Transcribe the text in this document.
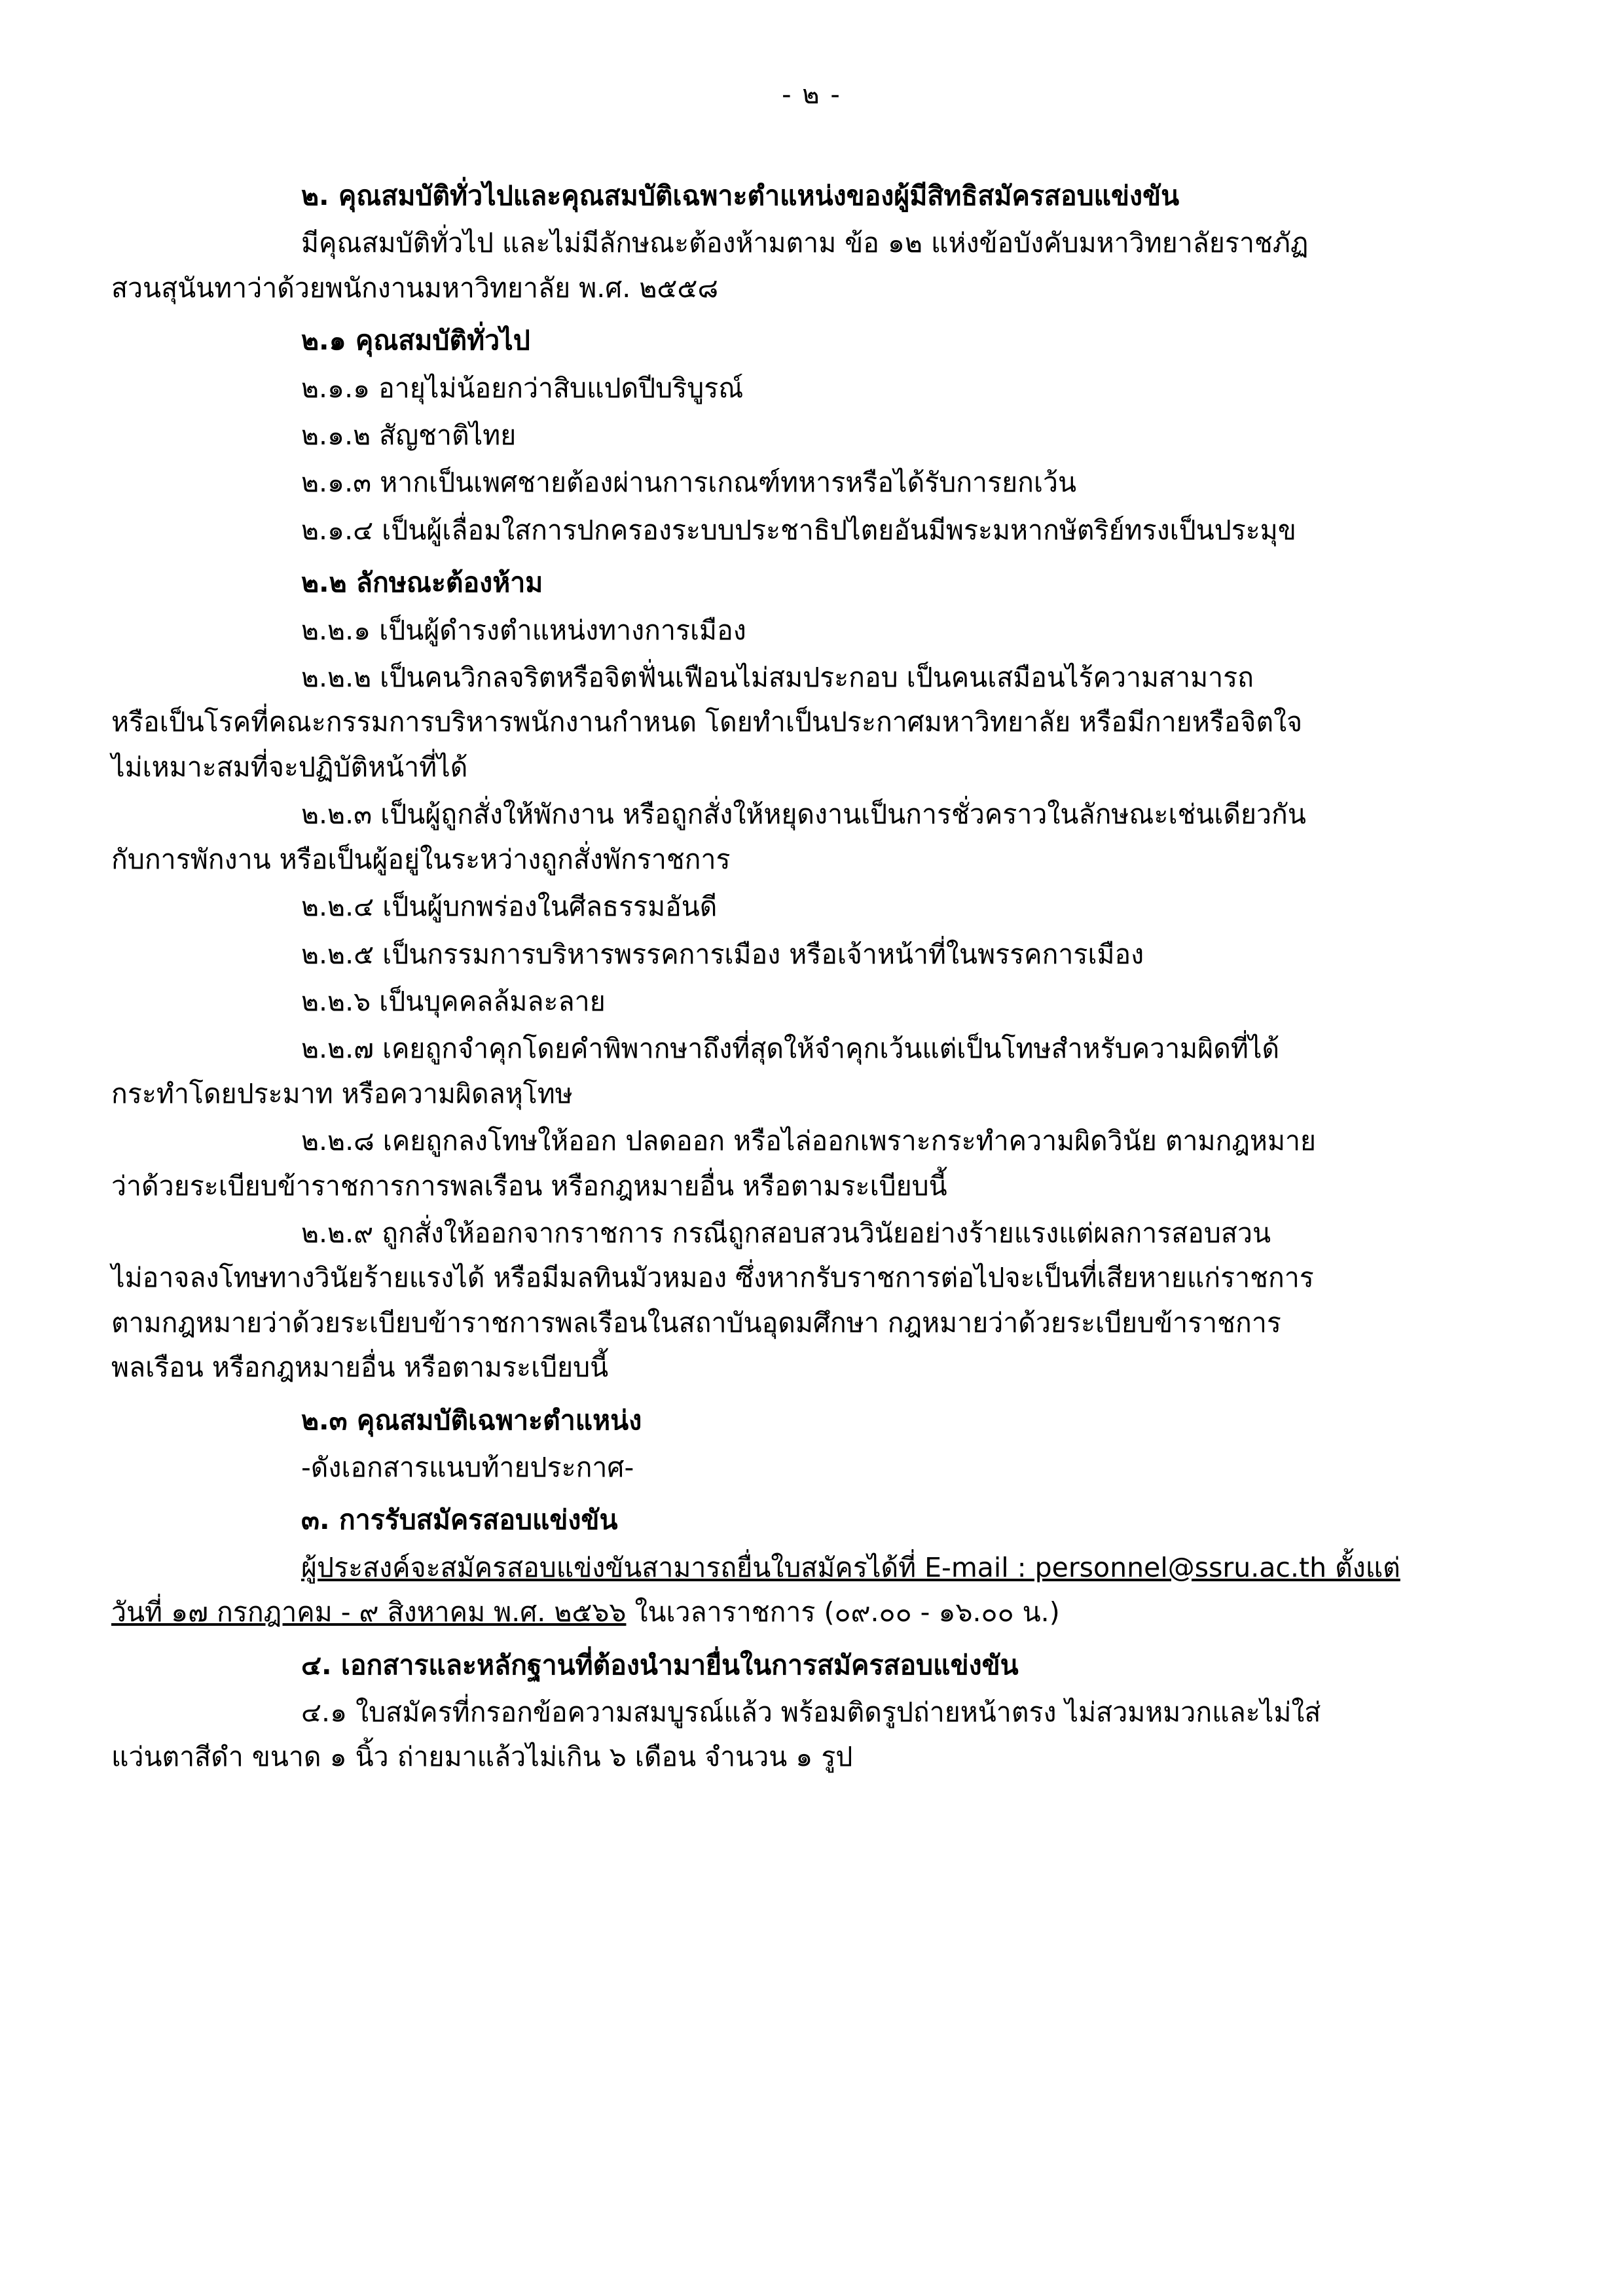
- ๒ -

๒. คุณสมบัติทั่วไปและคุณสมบัติเฉพาะตำแหน่งของผู้มีสิทธิสมัครสอบแข่งขัน

มีคุณสมบัติทั่วไป และไม่มีลักษณะต้องห้ามตาม ข้อ ๑๒ แห่งข้อบังคับมหาวิทยาลัยราชภัฏ

สวนสุนันทาว่าด้วยพนักงานมหาวิทยาลัย พ.ศ. ๒๕๕๘

๒.๑ คุณสมบัติทั่วไป

๒.๑.๑ อายุไม่น้อยกว่าสิบแปดปีบริบูรณ์

๒.๑.๒ สัญชาติไทย

๒.๑.๓ หากเป็นเพศชายต้องผ่านการเกณฑ์ทหารหรือได้รับการยกเว้น

๒.๑.๔ เป็นผู้เลื่อมใสการปกครองระบบประชาธิปไตยอันมีพระมหากษัตริย์ทรงเป็นประมุข

๒.๒ ลักษณะต้องห้าม

๒.๒.๑ เป็นผู้ดำรงตำแหน่งทางการเมือง

๒.๒.๒ เป็นคนวิกลจริตหรือจิตฟั่นเฟือนไม่สมประกอบ เป็นคนเสมือนไร้ความสามารถ

หรือเป็นโรคที่คณะกรรมการบริหารพนักงานกำหนด โดยทำเป็นประกาศมหาวิทยาลัย หรือมีกายหรือจิตใจ

ไม่เหมาะสมที่จะปฏิบัติหน้าที่ได้

๒.๒.๓ เป็นผู้ถูกสั่งให้พักงาน หรือถูกสั่งให้หยุดงานเป็นการชั่วคราวในลักษณะเช่นเดียวกัน

กับการพักงาน หรือเป็นผู้อยู่ในระหว่างถูกสั่งพักราชการ

๒.๒.๔ เป็นผู้บกพร่องในศีลธรรมอันดี

๒.๒.๕ เป็นกรรมการบริหารพรรคการเมือง หรือเจ้าหน้าที่ในพรรคการเมือง

๒.๒.๖ เป็นบุคคลล้มละลาย

๒.๒.๗ เคยถูกจำคุกโดยคำพิพากษาถึงที่สุดให้จำคุกเว้นแต่เป็นโทษสำหรับความผิดที่ได้

กระทำโดยประมาท หรือความผิดลหุโทษ

๒.๒.๘ เคยถูกลงโทษให้ออก ปลดออก หรือไล่ออกเพราะกระทำความผิดวินัย ตามกฎหมาย

ว่าด้วยระเบียบข้าราชการการพลเรือน หรือกฎหมายอื่น หรือตามระเบียบนี้

๒.๒.๙ ถูกสั่งให้ออกจากราชการ กรณีถูกสอบสวนวินัยอย่างร้ายแรงแต่ผลการสอบสวน

ไม่อาจลงโทษทางวินัยร้ายแรงได้ หรือมีมลทินมัวหมอง ซึ่งหากรับราชการต่อไปจะเป็นที่เสียหายแก่ราชการ

ตามกฎหมายว่าด้วยระเบียบข้าราชการพลเรือนในสถาบันอุดมศึกษา กฎหมายว่าด้วยระเบียบข้าราชการ

พลเรือน หรือกฎหมายอื่น หรือตามระเบียบนี้

๒.๓ คุณสมบัติเฉพาะตำแหน่ง

-ดังเอกสารแนบท้ายประกาศ-

๓. การรับสมัครสอบแข่งขัน

ผู้ประสงค์จะสมัครสอบแข่งขันสามารถยื่นใบสมัครได้ที่ E-mail : personnel@ssru.ac.th ตั้งแต่

วันที่ ๑๗ กรกฎาคม - ๙ สิงหาคม พ.ศ. ๒๕๖๖ ในเวลาราชการ (๐๙.๐๐ - ๑๖.๐๐ น.)

๔. เอกสารและหลักฐานที่ต้องนำมายื่นในการสมัครสอบแข่งขัน

๔.๑ ใบสมัครที่กรอกข้อความสมบูรณ์แล้ว พร้อมติดรูปถ่ายหน้าตรง ไม่สวมหมวกและไม่ใส่

แว่นตาสีดำ ขนาด ๑ นิ้ว ถ่ายมาแล้วไม่เกิน ๖ เดือน จำนวน ๑ รูป
